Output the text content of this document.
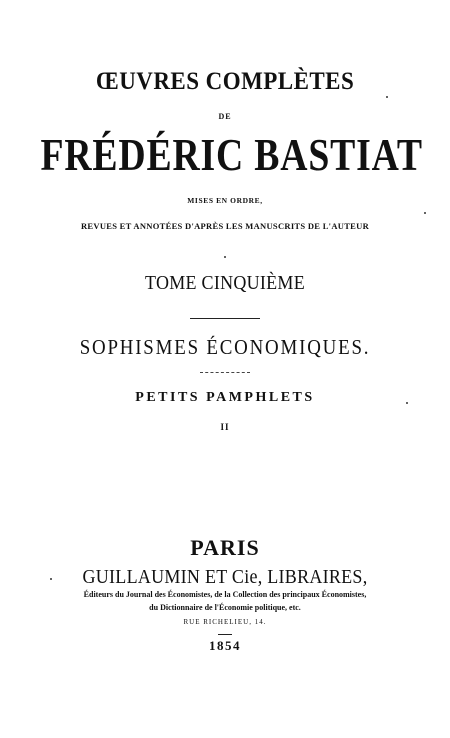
ŒUVRES COMPLÈTES

DE

FRÉDÉRIC BASTIAT

MISES EN ORDRE,

REVUES ET ANNOTÉES D'APRÈS LES MANUSCRITS DE L'AUTEUR

TOME CINQUIÈME

SOPHISMES ÉCONOMIQUES.

PETITS PAMPHLETS

II

PARIS

GUILLAUMIN ET Cie, LIBRAIRES,

Éditeurs du Journal des Économistes, de la Collection des principaux Économistes,

du Dictionnaire de l'Économie politique, etc.

RUE RICHELIEU, 14.

1854
